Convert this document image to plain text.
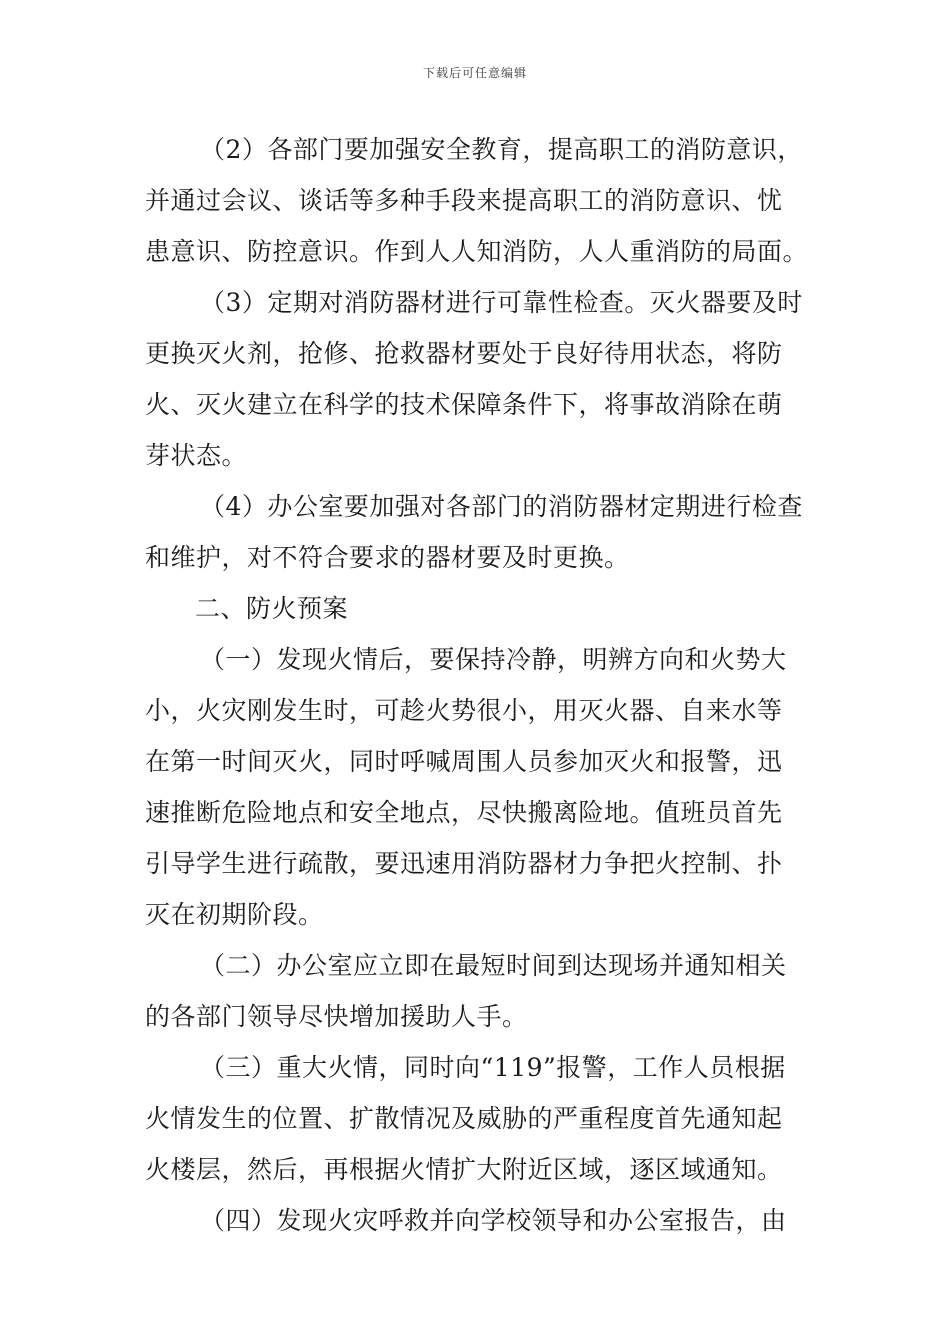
下载后可任意编辑
（2）各部门要加强安全教育，提高职工的消防意识，
并通过会议、谈话等多种手段来提高职工的消防意识、忧
患意识、防控意识。作到人人知消防，人人重消防的局面。
（3）定期对消防器材进行可靠性检查。灭火器要及时
更换灭火剂，抢修、抢救器材要处于良好待用状态，将防
火、灭火建立在科学的技术保障条件下，将事故消除在萌
芽状态。
（4）办公室要加强对各部门的消防器材定期进行检查
和维护，对不符合要求的器材要及时更换。
二、防火预案
（一）发现火情后，要保持冷静，明辨方向和火势大
小，火灾刚发生时，可趁火势很小，用灭火器、自来水等
在第一时间灭火，同时呼喊周围人员参加灭火和报警，迅
速推断危险地点和安全地点，尽快搬离险地。值班员首先
引导学生进行疏散，要迅速用消防器材力争把火控制、扑
灭在初期阶段。
（二）办公室应立即在最短时间到达现场并通知相关
的各部门领导尽快增加援助人手。
（三）重大火情，同时向“119”报警，工作人员根据
火情发生的位置、扩散情况及威胁的严重程度首先通知起
火楼层，然后，再根据火情扩大附近区域，逐区域通知。
（四）发现火灾呼救并向学校领导和办公室报告，由
